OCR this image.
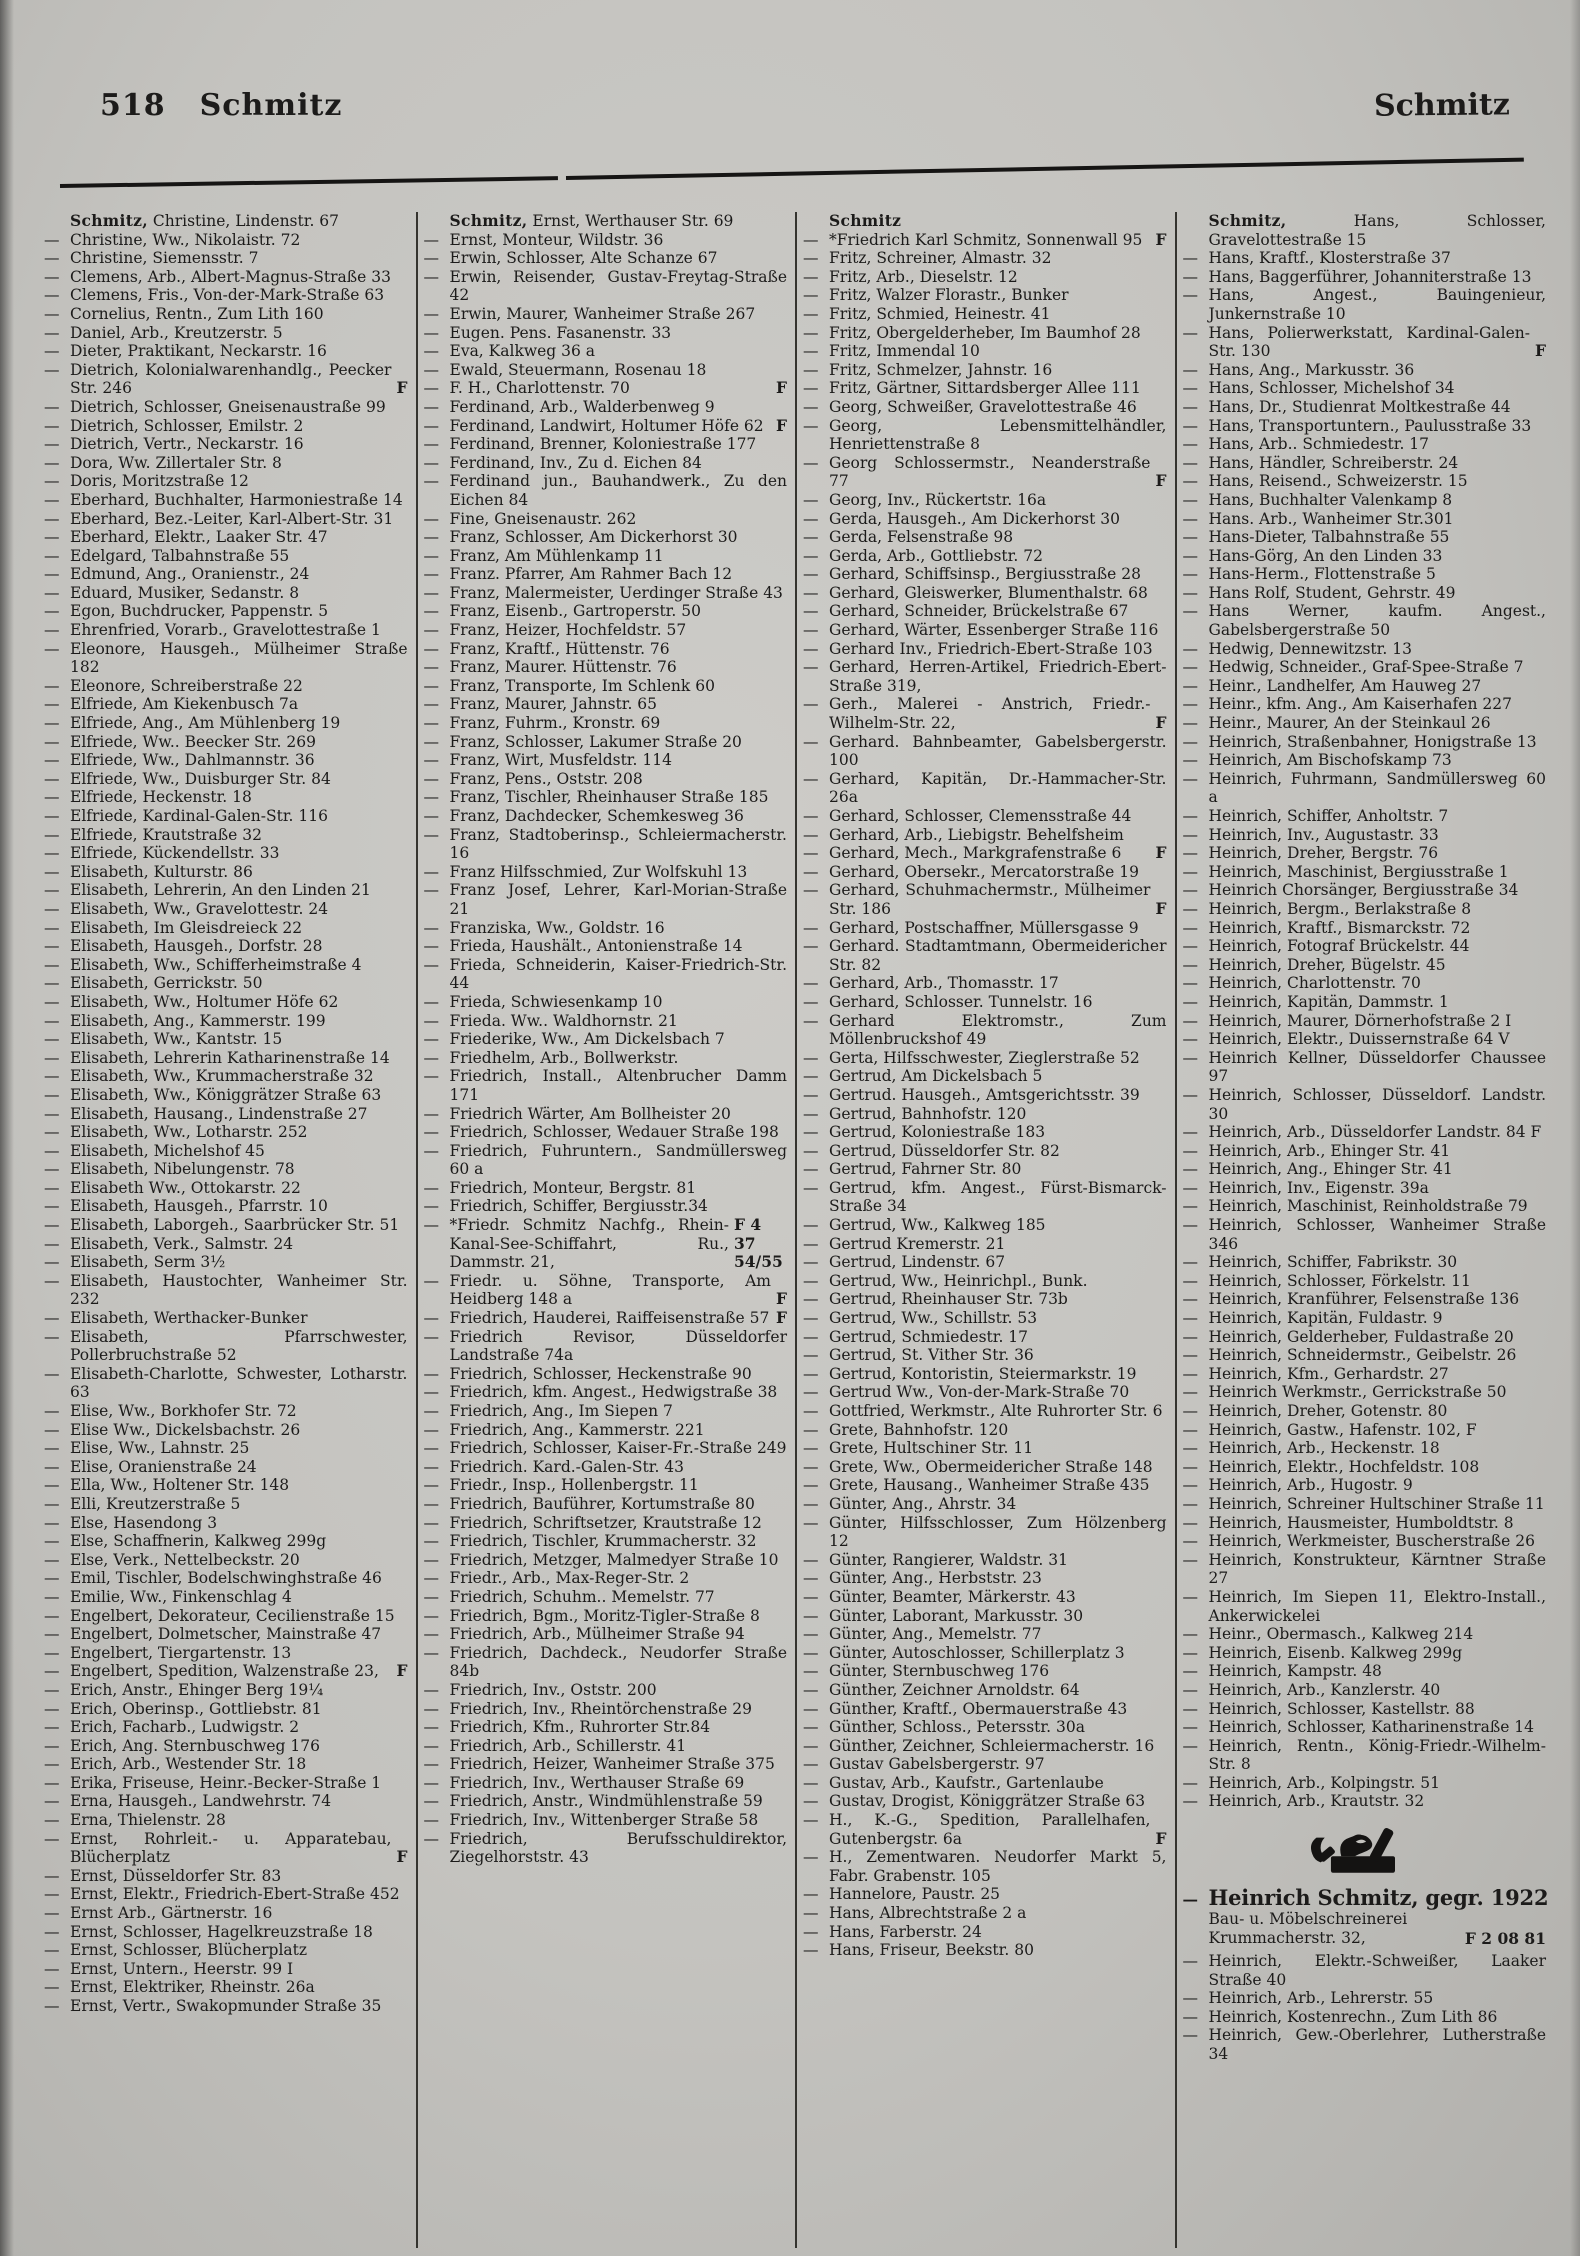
518 Schmitz	Schmitz
Schmitz, Christine, Lindenstr. 67
— Christine, Ww., Nikolaistr. 72
— Christine, Siemensstr. 7
— Clemens, Arb., Albert-Magnus-Straße 33
— Clemens, Fris., Von-der-Mark-Straße 63
— Cornelius, Rentn., Zum Lith 160
— Daniel, Arb., Kreutzerstr. 5
— Dieter, Praktikant, Neckarstr. 16
— Dietrich, Kolonialwarenhandlg., Peecker Str. 246	F
— Dietrich, Schlosser, Gneisenaustraße 99
— Dietrich, Schlosser, Emilstr. 2
— Dietrich, Vertr., Neckarstr. 16
— Dora, Ww. Zillertaler Str. 8
— Doris, Moritzstraße 12
— Eberhard, Buchhalter, Harmoniestraße 14
— Eberhard, Bez.-Leiter, Karl-Albert-Str. 31
— Eberhard, Elektr., Laaker Str. 47
— Edelgard, Talbahnstraße 55
— Edmund, Ang., Oranienstr., 24
— Eduard, Musiker, Sedanstr. 8
— Egon, Buchdrucker, Pappenstr. 5
— Ehrenfried, Vorarb., Gravelottestraße 1
— Eleonore, Hausgeh., Mülheimer Straße 182
— Eleonore, Schreiberstraße 22
— Elfriede, Am Kiekenbusch 7a
— Elfriede, Ang., Am Mühlenberg 19
— Elfriede, Ww.. Beecker Str. 269
— Elfriede, Ww., Dahlmannstr. 36
— Elfriede, Ww., Duisburger Str. 84
— Elfriede, Heckenstr. 18
— Elfriede, Kardinal-Galen-Str. 116
— Elfriede, Krautstraße 32
— Elfriede, Kückendellstr. 33
— Elisabeth, Kulturstr. 86
— Elisabeth, Lehrerin, An den Linden 21
— Elisabeth, Ww., Gravelottestr. 24
— Elisabeth, Im Gleisdreieck 22
— Elisabeth, Hausgeh., Dorfstr. 28
— Elisabeth, Ww., Schifferheimstraße 4
— Elisabeth, Gerrickstr. 50
— Elisabeth, Ww., Holtumer Höfe 62
— Elisabeth, Ang., Kammerstr. 199
— Elisabeth, Ww., Kantstr. 15
— Elisabeth, Lehrerin Katharinenstraße 14
— Elisabeth, Ww., Krummacherstraße 32
— Elisabeth, Ww., Königgrätzer Straße 63
— Elisabeth, Hausang., Lindenstraße 27
— Elisabeth, Ww., Lotharstr. 252
— Elisabeth, Michelshof 45
— Elisabeth, Nibelungenstr. 78
— Elisabeth Ww., Ottokarstr. 22
— Elisabeth, Hausgeh., Pfarrstr. 10
— Elisabeth, Laborgeh., Saarbrücker Str. 51
— Elisabeth, Verk., Salmstr. 24
— Elisabeth, Serm 3½
— Elisabeth, Haustochter, Wanheimer Str. 232
— Elisabeth, Werthacker-Bunker
— Elisabeth, Pfarrschwester, Pollerbruchstraße 52
— Elisabeth-Charlotte, Schwester, Lotharstr. 63
— Elise, Ww., Borkhofer Str. 72
— Elise Ww., Dickelsbachstr. 26
— Elise, Ww., Lahnstr. 25
— Elise, Oranienstraße 24
— Ella, Ww., Holtener Str. 148
— Elli, Kreutzerstraße 5
— Else, Hasendong 3
— Else, Schaffnerin, Kalkweg 299g
— Else, Verk., Nettelbeckstr. 20
— Emil, Tischler, Bodelschwinghstraße 46
— Emilie, Ww., Finkenschlag 4
— Engelbert, Dekorateur, Cecilienstraße 15
— Engelbert, Dolmetscher, Mainstraße 47
— Engelbert, Tiergartenstr. 13
— Engelbert, Spedition, Walzenstraße 23,	F
— Erich, Anstr., Ehinger Berg 19¼
— Erich, Oberinsp., Gottliebstr. 81
— Erich, Facharb., Ludwigstr. 2
— Erich, Ang. Sternbuschweg 176
— Erich, Arb., Westender Str. 18
— Erika, Friseuse, Heinr.-Becker-Straße 1
— Erna, Hausgeh., Landwehrstr. 74
— Erna, Thielenstr. 28
— Ernst, Rohrleit.- u. Apparatebau, Blücherplatz	F
— Ernst, Düsseldorfer Str. 83
— Ernst, Elektr., Friedrich-Ebert-Straße 452
— Ernst Arb., Gärtnerstr. 16
— Ernst, Schlosser, Hagelkreuzstraße 18
— Ernst, Schlosser, Blücherplatz
— Ernst, Untern., Heerstr. 99 I
— Ernst, Elektriker, Rheinstr. 26a
— Ernst, Vertr., Swakopmunder Straße 35
Schmitz, Ernst, Werthauser Str. 69
— Ernst, Monteur, Wildstr. 36
— Erwin, Schlosser, Alte Schanze 67
— Erwin, Reisender, Gustav-Freytag-Straße 42
— Erwin, Maurer, Wanheimer Straße 267
— Eugen. Pens. Fasanenstr. 33
— Eva, Kalkweg 36 a
— Ewald, Steuermann, Rosenau 18
— F. H., Charlottenstr. 70	F
— Ferdinand, Arb., Walderbenweg 9
— Ferdinand, Landwirt, Holtumer Höfe 62 F
— Ferdinand, Brenner, Koloniestraße 177
— Ferdinand, Inv., Zu d. Eichen 84
— Ferdinand jun., Bauhandwerk., Zu den Eichen 84
— Fine, Gneisenaustr. 262
— Franz, Schlosser, Am Dickerhorst 30
— Franz, Am Mühlenkamp 11
— Franz. Pfarrer, Am Rahmer Bach 12
— Franz, Malermeister, Uerdinger Straße 43
— Franz, Eisenb., Gartroperstr. 50
— Franz, Heizer, Hochfeldstr. 57
— Franz, Kraftf., Hüttenstr. 76
— Franz, Maurer. Hüttenstr. 76
— Franz, Transporte, Im Schlenk 60
— Franz, Maurer, Jahnstr. 65
— Franz, Fuhrm., Kronstr. 69
— Franz, Schlosser, Lakumer Straße 20
— Franz, Wirt, Musfeldstr. 114
— Franz, Pens., Oststr. 208
— Franz, Tischler, Rheinhauser Straße 185
— Franz, Dachdecker, Schemkesweg 36
— Franz, Stadtoberinsp., Schleiermacherstr. 16
— Franz Hilfsschmied, Zur Wolfskuhl 13
— Franz Josef, Lehrer, Karl-Morian-Straße 21
— Franziska, Ww., Goldstr. 16
— Frieda, Haushält., Antonienstraße 14
— Frieda, Schneiderin, Kaiser-Friedrich-Str. 44
— Frieda, Schwiesenkamp 10
— Frieda. Ww.. Waldhornstr. 21
— Friederike, Ww., Am Dickelsbach 7
— Friedhelm, Arb., Bollwerkstr.
— Friedrich, Install., Altenbrucher Damm 171
— Friedrich Wärter, Am Bollheister 20
— Friedrich, Schlosser, Wedauer Straße 198
— Friedrich, Fuhruntern., Sandmüllersweg 60 a
— Friedrich, Monteur, Bergstr. 81
— Friedrich, Schiffer, Bergiusstr.34
— *Friedr. Schmitz Nachfg., Rhein-Kanal-See-Schiffahrt, Ru., Dammstr. 21,
F 4 37 54/55
— Friedr. u. Söhne, Transporte, Am Heidberg 148 a	F
— Friedrich, Hauderei, Raiffeisenstraße 57 F
— Friedrich Revisor, Düsseldorfer Landstraße 74a
— Friedrich, Schlosser, Heckenstraße 90
— Friedrich, kfm. Angest., Hedwigstraße 38
— Friedrich, Ang., Im Siepen 7
— Friedrich, Ang., Kammerstr. 221
— Friedrich, Schlosser, Kaiser-Fr.-Straße 249
— Friedrich. Kard.-Galen-Str. 43
— Friedr., Insp., Hollenbergstr. 11
— Friedrich, Bauführer, Kortumstraße 80
— Friedrich, Schriftsetzer, Krautstraße 12
— Friedrich, Tischler, Krummacherstr. 32
— Friedrich, Metzger, Malmedyer Straße 10
— Friedr., Arb., Max-Reger-Str. 2
— Friedrich, Schuhm.. Memelstr. 77
— Friedrich, Bgm., Moritz-Tigler-Straße 8
— Friedrich, Arb., Mülheimer Straße 94
— Friedrich, Dachdeck., Neudorfer Straße 84b
— Friedrich, Inv., Oststr. 200
— Friedrich, Inv., Rheintörchenstraße 29
— Friedrich, Kfm., Ruhrorter Str.84
— Friedrich, Arb., Schillerstr. 41
— Friedrich, Heizer, Wanheimer Straße 375
— Friedrich, Inv., Werthauser Straße 69
— Friedrich, Anstr., Windmühlenstraße 59
— Friedrich, Inv., Wittenberger Straße 58
— Friedrich, Berufsschuldirektor, Ziegelhorststr. 43
Schmitz
— *Friedrich Karl Schmitz, Sonnenwall 95 F
— Fritz, Schreiner, Almastr. 32
— Fritz, Arb., Dieselstr. 12
— Fritz, Walzer Florastr., Bunker
— Fritz, Schmied, Heinestr. 41
— Fritz, Obergelderheber, Im Baumhof 28
— Fritz, Immendal 10
— Fritz, Schmelzer, Jahnstr. 16
— Fritz, Gärtner, Sittardsberger Allee 111
— Georg, Schweißer, Gravelottestraße 46
— Georg, Lebensmittelhändler, Henriettenstraße 8
— Georg Schlossermstr., Neanderstraße 77	F
— Georg, Inv., Rückertstr. 16a
— Gerda, Hausgeh., Am Dickerhorst 30
— Gerda, Felsenstraße 98
— Gerda, Arb., Gottliebstr. 72
— Gerhard, Schiffsinsp., Bergiusstraße 28
— Gerhard, Gleiswerker, Blumenthalstr. 68
— Gerhard, Schneider, Brückelstraße 67
— Gerhard, Wärter, Essenberger Straße 116
— Gerhard Inv., Friedrich-Ebert-Straße 103
— Gerhard, Herren-Artikel, Friedrich-Ebert-Straße 319,
— Gerh., Malerei - Anstrich, Friedr.-Wilhelm-Str. 22,	F
— Gerhard. Bahnbeamter, Gabelsbergerstr. 100
— Gerhard, Kapitän, Dr.-Hammacher-Str. 26a
— Gerhard, Schlosser, Clemensstraße 44
— Gerhard, Arb., Liebigstr. Behelfsheim
— Gerhard, Mech., Markgrafenstraße 6	F
— Gerhard, Obersekr., Mercatorstraße 19
— Gerhard, Schuhmachermstr., Mülheimer Str. 186	F
— Gerhard, Postschaffner, Müllersgasse 9
— Gerhard. Stadtamtmann, Obermeidericher Str. 82
— Gerhard, Arb., Thomasstr. 17
— Gerhard, Schlosser. Tunnelstr. 16
— Gerhard Elektromstr., Zum Möllenbruckshof 49
— Gerta, Hilfsschwester, Zieglerstraße 52
— Gertrud, Am Dickelsbach 5
— Gertrud. Hausgeh., Amtsgerichtsstr. 39
— Gertrud, Bahnhofstr. 120
— Gertrud, Koloniestraße 183
— Gertrud, Düsseldorfer Str. 82
— Gertrud, Fahrner Str. 80
— Gertrud, kfm. Angest., Fürst-Bismarck-Straße 34
— Gertrud, Ww., Kalkweg 185
— Gertrud Kremerstr. 21
— Gertrud, Lindenstr. 67
— Gertrud, Ww., Heinrichpl., Bunk.
— Gertrud, Rheinhauser Str. 73b
— Gertrud, Ww., Schillstr. 53
— Gertrud, Schmiedestr. 17
— Gertrud, St. Vither Str. 36
— Gertrud, Kontoristin, Steiermarkstr. 19
— Gertrud Ww., Von-der-Mark-Straße 70
— Gottfried, Werkmstr., Alte Ruhrorter Str. 6
— Grete, Bahnhofstr. 120
— Grete, Hultschiner Str. 11
— Grete, Ww., Obermeidericher Straße 148
— Grete, Hausang., Wanheimer Straße 435
— Günter, Ang., Ahrstr. 34
— Günter, Hilfsschlosser, Zum Hölzenberg 12
— Günter, Rangierer, Waldstr. 31
— Günter, Ang., Herbststr. 23
— Günter, Beamter, Märkerstr. 43
— Günter, Laborant, Markusstr. 30
— Günter, Ang., Memelstr. 77
— Günter, Autoschlosser, Schillerplatz 3
— Günter, Sternbuschweg 176
— Günther, Zeichner Arnoldstr. 64
— Günther, Kraftf., Obermauerstraße 43
— Günther, Schloss., Petersstr. 30a
— Günther, Zeichner, Schleiermacherstr. 16
— Gustav Gabelsbergerstr. 97
— Gustav, Arb., Kaufstr., Gartenlaube
— Gustav, Drogist, Königgrätzer Straße 63
— H., K.-G., Spedition, Parallelhafen, Gutenbergstr. 6a	F
— H., Zementwaren. Neudorfer Markt 5, Fabr. Grabenstr. 105
— Hannelore, Paustr. 25
— Hans, Albrechtstraße 2 a
— Hans, Farberstr. 24
— Hans, Friseur, Beekstr. 80
Schmitz,	Hans, Schlosser, Gravelottestraße 15
— Hans, Kraftf., Klosterstraße 37
— Hans, Baggerführer, Johanniterstraße 13
— Hans, Angest., Bauingenieur, Junkernstraße 10
— Hans, Polierwerkstatt, Kardinal-Galen-Str. 130	F
— Hans, Ang., Markusstr. 36
— Hans, Schlosser, Michelshof 34
— Hans, Dr., Studienrat Moltkestraße 44
— Hans, Transportuntern., Paulusstraße 33
— Hans, Arb.. Schmiedestr. 17
— Hans, Händler, Schreiberstr. 24
— Hans, Reisend., Schweizerstr. 15
— Hans, Buchhalter Valenkamp 8
— Hans. Arb., Wanheimer Str.301
— Hans-Dieter, Talbahnstraße 55
— Hans-Görg, An den Linden 33
— Hans-Herm., Flottenstraße 5
— Hans Rolf, Student, Gehrstr. 49
— Hans Werner, kaufm. Angest., Gabelsbergerstraße 50
— Hedwig, Dennewitzstr. 13
— Hedwig, Schneider., Graf-Spee-Straße 7
— Heinr., Landhelfer, Am Hauweg 27
— Heinr., kfm. Ang., Am Kaiserhafen 227
— Heinr., Maurer, An der Steinkaul 26
— Heinrich, Straßenbahner, Honigstraße 13
— Heinrich, Am Bischofskamp 73
— Heinrich, Fuhrmann, Sandmüllersweg 60 a
— Heinrich, Schiffer, Anholtstr. 7
— Heinrich, Inv., Augustastr. 33
— Heinrich, Dreher, Bergstr. 76
— Heinrich, Maschinist, Bergiusstraße 1
— Heinrich Chorsänger, Bergiusstraße 34
— Heinrich, Bergm., Berlakstraße 8
— Heinrich, Kraftf., Bismarckstr. 72
— Heinrich, Fotograf Brückelstr. 44
— Heinrich, Dreher, Bügelstr. 45
— Heinrich, Charlottenstr. 70
— Heinrich, Kapitän, Dammstr. 1
— Heinrich, Maurer, Dörnerhofstraße 2 I
— Heinrich, Elektr., Duissernstraße 64 V
— Heinrich Kellner, Düsseldorfer Chaussee 97
— Heinrich, Schlosser, Düsseldorf. Landstr. 30
— Heinrich, Arb., Düsseldorfer Landstr. 84 F
— Heinrich, Arb., Ehinger Str. 41
— Heinrich, Ang., Ehinger Str. 41
— Heinrich, Inv., Eigenstr. 39a
— Heinrich, Maschinist, Reinholdstraße 79
— Heinrich, Schlosser, Wanheimer Straße 346
— Heinrich, Schiffer, Fabrikstr. 30
— Heinrich, Schlosser, Förkelstr. 11
— Heinrich, Kranführer, Felsenstraße 136
— Heinrich, Kapitän, Fuldastr. 9
— Heinrich, Gelderheber, Fuldastraße 20
— Heinrich, Schneidermstr., Geibelstr. 26
— Heinrich, Kfm., Gerhardstr. 27
— Heinrich Werkmstr., Gerrickstraße 50
— Heinrich, Dreher, Gotenstr. 80
— Heinrich, Gastw., Hafenstr. 102, F
— Heinrich, Arb., Heckenstr. 18
— Heinrich, Elektr., Hochfeldstr. 108
— Heinrich, Arb., Hugostr. 9
— Heinrich, Schreiner Hultschiner Straße 11
— Heinrich, Hausmeister, Humboldtstr. 8
— Heinrich, Werkmeister, Buscherstraße 26
— Heinrich, Konstrukteur, Kärntner Straße 27
— Heinrich, Im Siepen 11, Elektro-Install., Ankerwickelei
— Heinr., Obermasch., Kalkweg 214
— Heinrich, Eisenb. Kalkweg 299g
— Heinrich, Kampstr. 48
— Heinrich, Arb., Kanzlerstr. 40
— Heinrich, Schlosser, Kastellstr. 88
— Heinrich, Schlosser, Katharinenstraße 14
— Heinrich, Rentn., König-Friedr.-Wilhelm-Str. 8
— Heinrich, Arb., Kolpingstr. 51
— Heinrich, Arb., Krautstr. 32
— Heinrich Schmitz, gegr. 1922
Bau- u. Möbelschreinerei
Krummacherstr. 32,	F 2 08 81
— Heinrich, Elektr.-Schweißer, Laaker Straße 40
— Heinrich, Arb., Lehrerstr. 55
— Heinrich, Kostenrechn., Zum Lith 86
— Heinrich, Gew.-Oberlehrer, Lutherstraße 34
